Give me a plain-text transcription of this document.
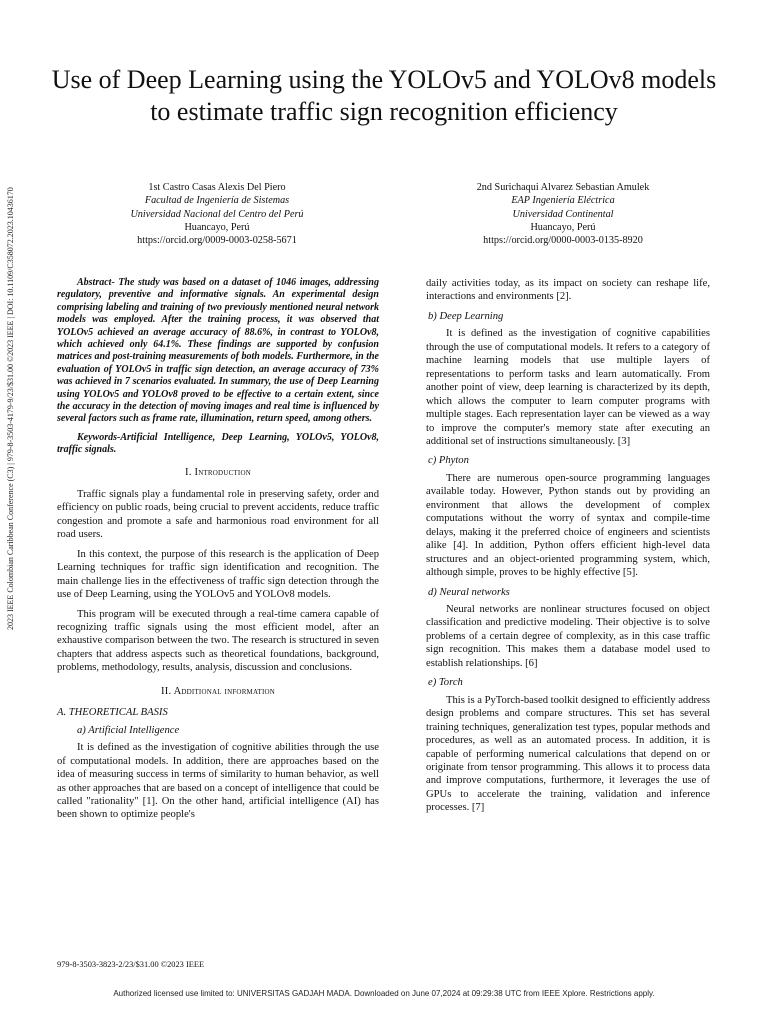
2023 IEEE Colombian Caribbean Conference (C3) | 979-8-3503-4179-9/23/$31.00 ©2023 IEEE | DOI: 10.1109/C358072.2023.10436170
Use of Deep Learning using the YOLOv5 and YOLOv8 models to estimate traffic sign recognition efficiency
1st Castro Casas Alexis Del Piero
Facultad de Ingeniería de Sistemas
Universidad Nacional del Centro del Perú
Huancayo, Perú
https://orcid.org/0009-0003-0258-5671
2nd Surichaqui Alvarez Sebastian Amulek
EAP Ingeniería Eléctrica
Universidad Continental
Huancayo, Perú
https://orcid.org/0000-0003-0135-8920

Abstract- The study was based on a dataset of 1046 images, addressing regulatory, preventive and informative signals. An experimental design comprising labeling and training of two previously mentioned neural network models was employed. After the training process, it was observed that YOLOv5 achieved an average accuracy of 88.6%, in contrast to YOLOv8, which achieved only 64.1%. These findings are supported by confusion matrices and post-training measurements of both models. Furthermore, in the evaluation of YOLOv5 in traffic sign detection, an average accuracy of 73% was achieved in 7 scenarios evaluated. In summary, the use of Deep Learning using YOLOv5 and YOLOv8 proved to be effective to a certain extent, since the accuracy in the detection of moving images and real time is influenced by several factors such as frame rate, illumination, return speed, among others.

Keywords-Artificial Intelligence, Deep Learning, YOLOv5, YOLOv8, traffic signals.

I. Introduction

Traffic signals play a fundamental role in preserving safety, order and efficiency on public roads, being crucial to prevent accidents, reduce traffic congestion and promote a safe and harmonious road environment for all road users.

In this context, the purpose of this research is the application of Deep Learning techniques for traffic sign identification and recognition. The main challenge lies in the effectiveness of traffic sign detection through the use of Deep Learning, using the YOLOv5 and YOLOv8 models.

This program will be executed through a real-time camera capable of recognizing traffic signals using the most efficient model, after an exhaustive comparison between the two. The research is structured in seven chapters that address aspects such as theoretical foundations, background, problems, methodology, results, analysis, discussion and conclusions.

II. Additional information
A. THEORETICAL BASIS
a) Artificial Intelligence

It is defined as the investigation of cognitive abilities through the use of computational models. In addition, there are approaches based on the idea of measuring success in terms of similarity to human behavior, as well as other approaches that are based on a concept of intelligence that could be called "rationality" [1]. On the other hand, artificial intelligence (AI) has been shown to optimize people's

daily activities today, as its impact on society can reshape life, interactions and environments [2].

b) Deep Learning

It is defined as the investigation of cognitive capabilities through the use of computational models. It refers to a category of machine learning models that use multiple layers of representations to perform tasks and learn automatically. From another point of view, deep learning is characterized by its depth, which allows the computer to learn computer programs with multiple stages. Each representation layer can be viewed as a way to improve the computer's memory state after executing an additional set of instructions simultaneously. [3]

c) Phyton

There are numerous open-source programming languages available today. However, Python stands out by providing an environment that allows the development of complex computations without the worry of syntax and compile-time delays, making it the preferred choice of engineers and scientists alike [4]. In addition, Python offers efficient high-level data structures and an object-oriented programming system, which, although simple, proves to be highly effective [5].

d) Neural networks

Neural networks are nonlinear structures focused on object classification and predictive modeling. Their objective is to solve problems of a certain degree of complexity, as in this case traffic sign recognition. This makes them a database model used to establish relationships. [6]

e) Torch

This is a PyTorch-based toolkit designed to efficiently address design problems and compare structures. This set has several training techniques, generalization test types, popular methods and procedures, as well as an automated process. In addition, it is capable of performing numerical calculations that depend on or originate from tensor programming. This allows it to process data and improve computations, furthermore, it leverages the use of GPUs to accelerate the training, validation and inference processes. [7]

979-8-3503-3823-2/23/$31.00 ©2023 IEEE
Authorized licensed use limited to: UNIVERSITAS GADJAH MADA. Downloaded on June 07,2024 at 09:29:38 UTC from IEEE Xplore. Restrictions apply.
